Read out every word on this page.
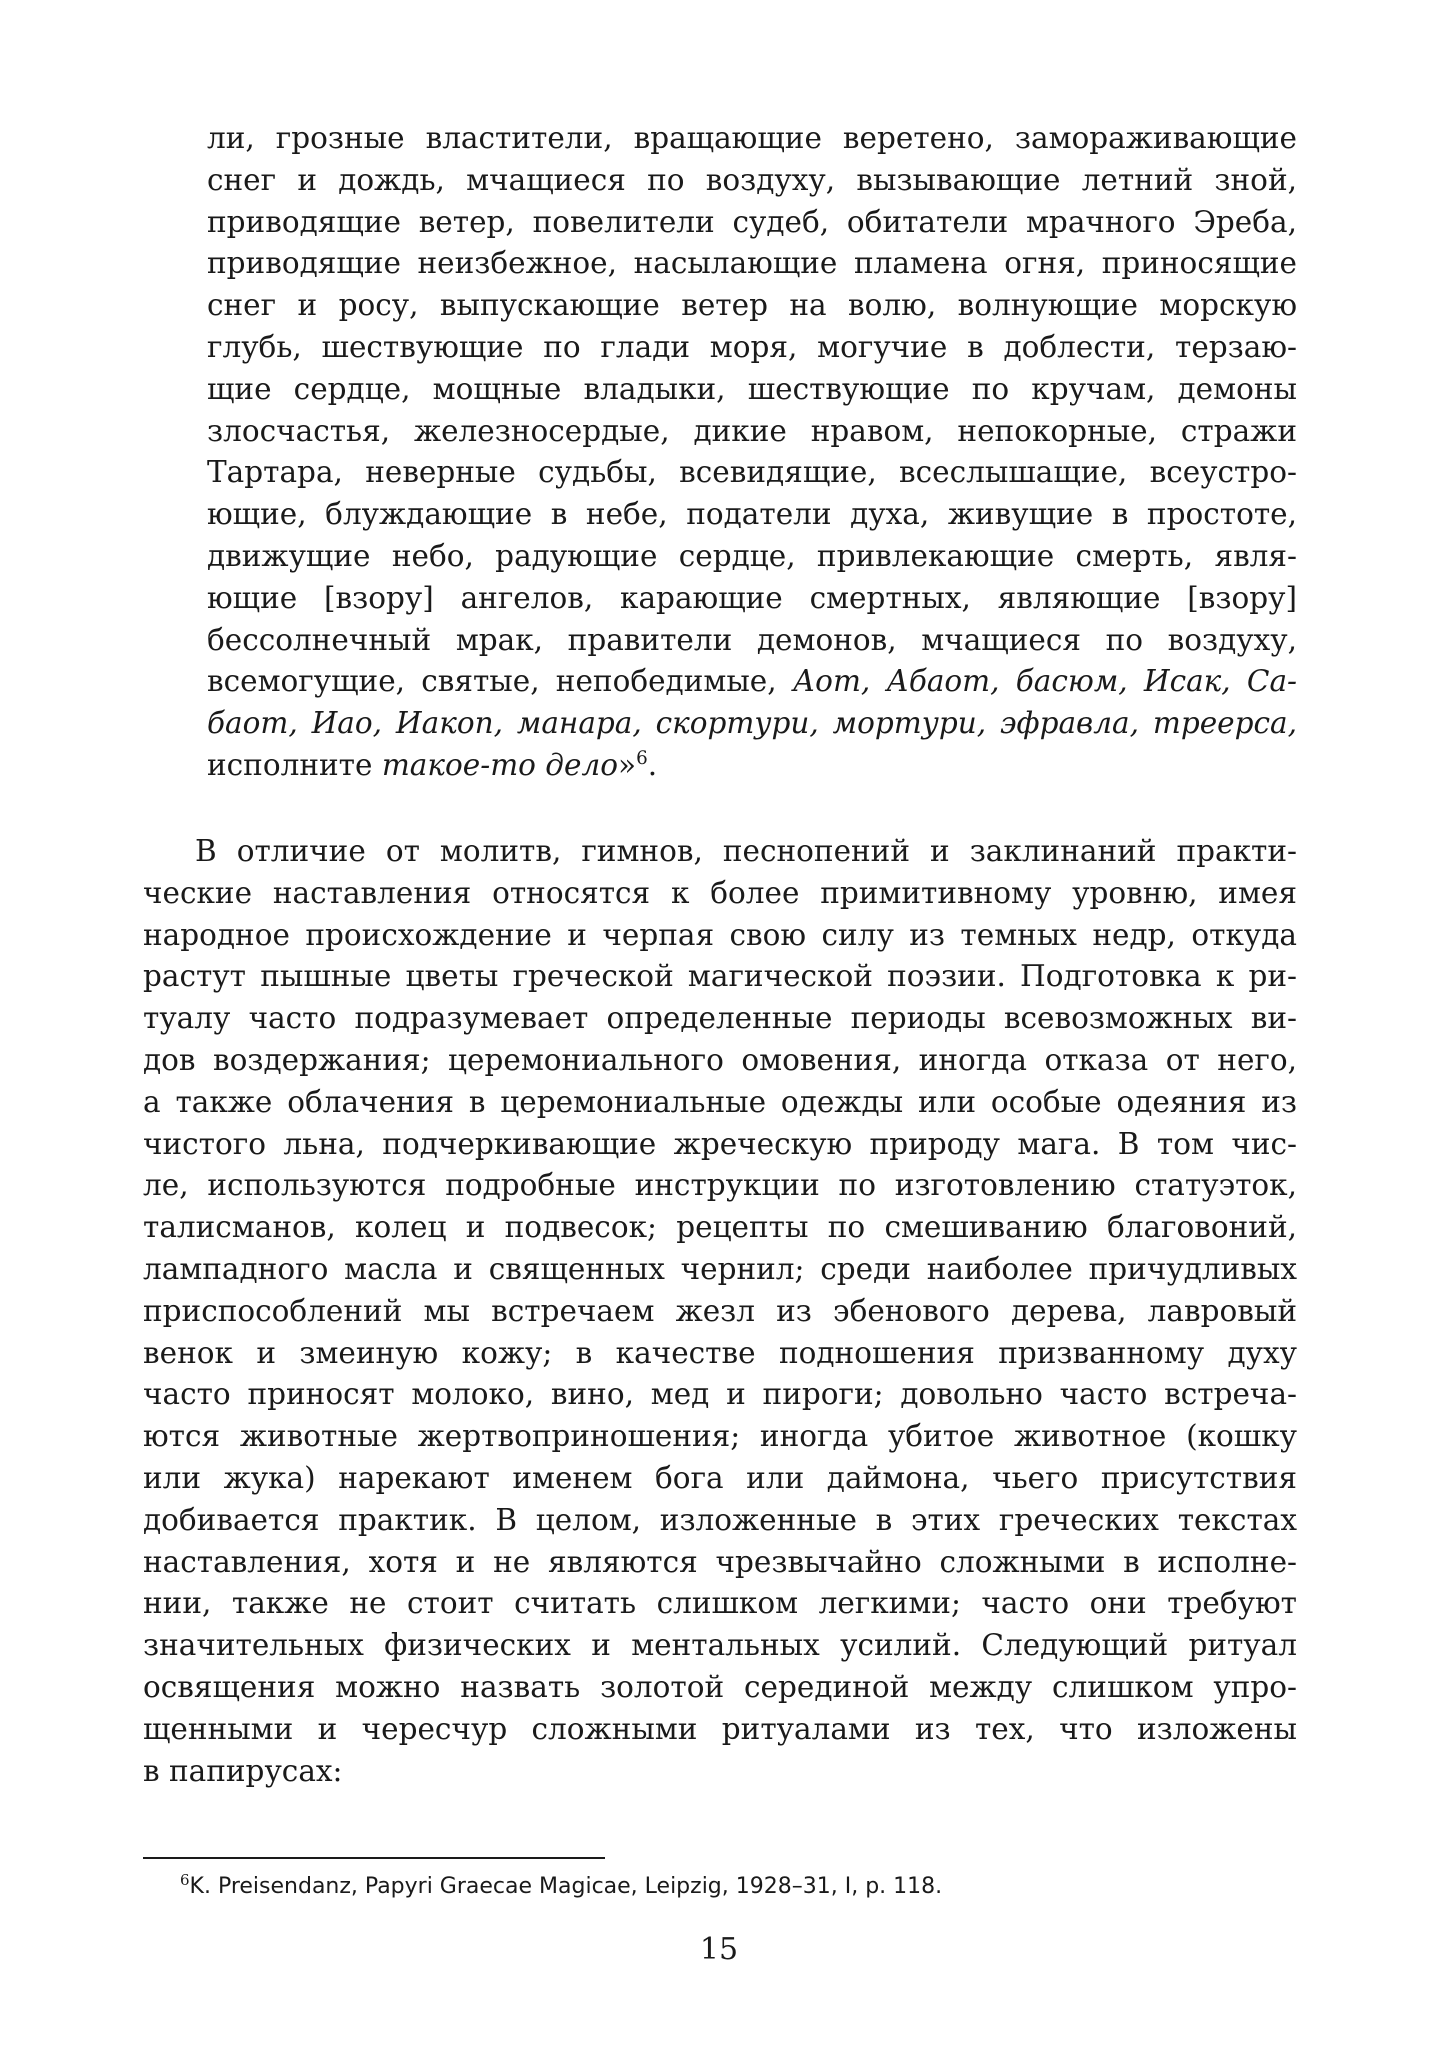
ли, грозные властители, вращающие веретено, замораживающие
снег и дождь, мчащиеся по воздуху, вызывающие летний зной,
приводящие ветер, повелители судеб, обитатели мрачного Эреба,
приводящие неизбежное, насылающие пламена огня, приносящие
снег и росу, выпускающие ветер на волю, волнующие морскую
глубь, шествующие по глади моря, могучие в доблести, терзаю-
щие сердце, мощные владыки, шествующие по кручам, демоны
злосчастья, железносердые, дикие нравом, непокорные, стражи
Тартара, неверные судьбы, всевидящие, всеслышащие, всеустро-
ющие, блуждающие в небе, податели духа, живущие в простоте,
движущие небо, радующие сердце, привлекающие смерть, явля-
ющие [взору] ангелов, карающие смертных, являющие [взору]
бессолнечный мрак, правители демонов, мчащиеся по воздуху,
всемогущие, святые, непобедимые, Аот, Абаот, басюм, Исак, Са-
баот, Иао, Иакоп, манара, скортури, мортури, эфравла, треерса,
исполните такое-то дело»$^6$.
В отличие от молитв, гимнов, песнопений и заклинаний практи-
ческие наставления относятся к более примитивному уровню, имея
народное происхождение и черпая свою силу из темных недр, откуда
растут пышные цветы греческой магической поэзии. Подготовка к ри-
туалу часто подразумевает определенные периоды всевозможных ви-
дов воздержания; церемониального омовения, иногда отказа от него,
а также облачения в церемониальные одежды или особые одеяния из
чистого льна, подчеркивающие жреческую природу мага. В том чис-
ле, используются подробные инструкции по изготовлению статуэток,
талисманов, колец и подвесок; рецепты по смешиванию благовоний,
лампадного масла и священных чернил; среди наиболее причудливых
приспособлений мы встречаем жезл из эбенового дерева, лавровый
венок и змеиную кожу; в качестве подношения призванному духу
часто приносят молоко, вино, мед и пироги; довольно часто встреча-
ются животные жертвоприношения; иногда убитое животное (кошку
или жука) нарекают именем бога или даймона, чьего присутствия
добивается практик. В целом, изложенные в этих греческих текстах
наставления, хотя и не являются чрезвычайно сложными в исполне-
нии, также не стоит считать слишком легкими; часто они требуют
значительных физических и ментальных усилий. Следующий ритуал
освящения можно назвать золотой серединой между слишком упро-
щенными и чересчур сложными ритуалами из тех, что изложены
в папирусах:
$^6$K. Preisendanz, Papyri Graecae Magicae, Leipzig, 1928–31, I, p. 118.
15
